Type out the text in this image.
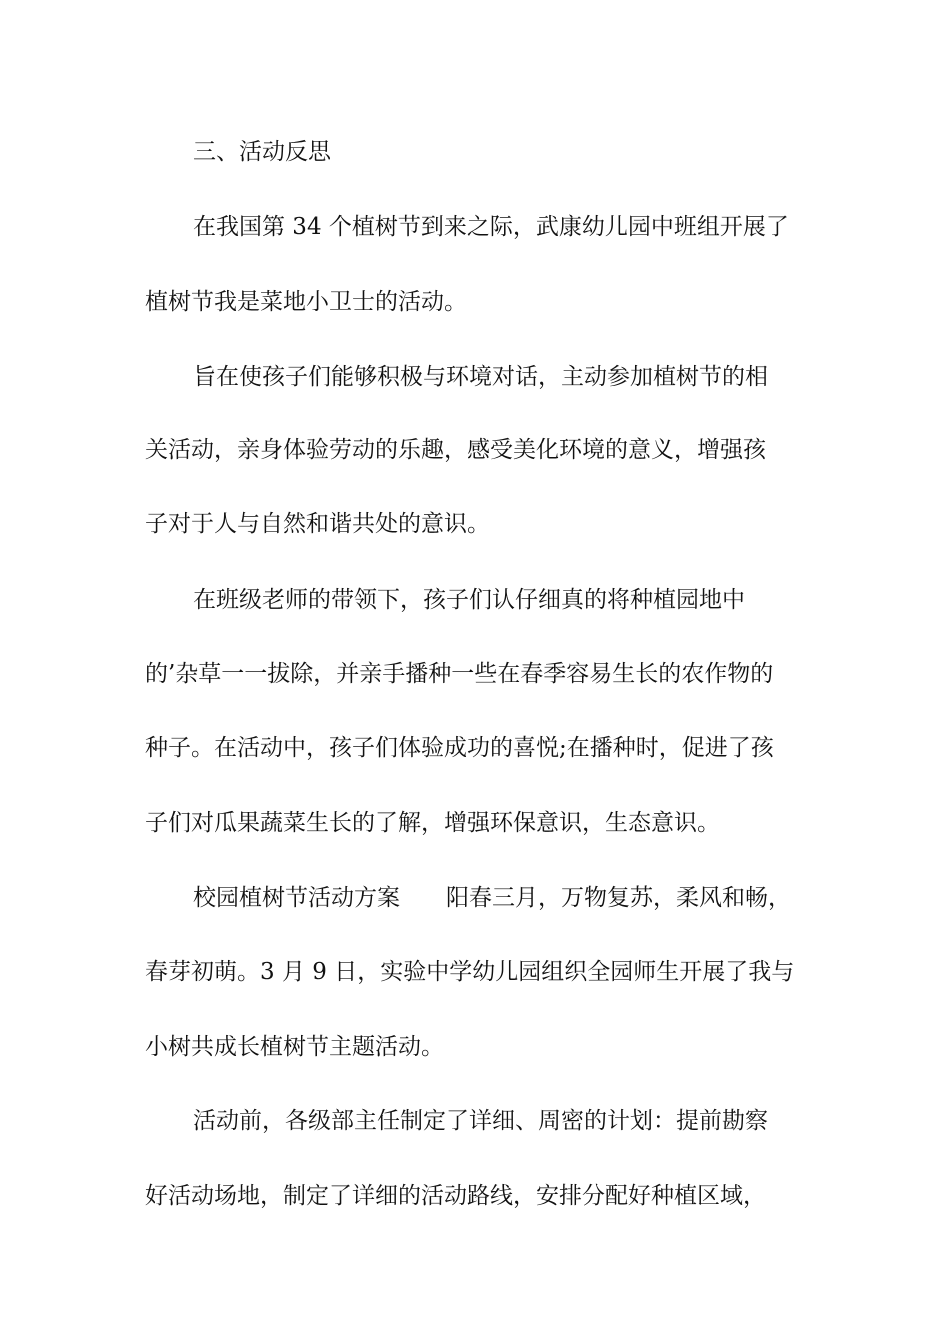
三、活动反思
在我国第 34 个植树节到来之际，武康幼儿园中班组开展了
植树节我是菜地小卫士的活动。
旨在使孩子们能够积极与环境对话，主动参加植树节的相
关活动，亲身体验劳动的乐趣，感受美化环境的意义，增强孩
子对于人与自然和谐共处的意识。
在班级老师的带领下，孩子们认仔细真的将种植园地中
的’杂草一一拔除，并亲手播种一些在春季容易生长的农作物的
种子。在活动中，孩子们体验成功的喜悦;在播种时，促进了孩
子们对瓜果蔬菜生长的了解，增强环保意识，生态意识。
校园植树节活动方案　　阳春三月，万物复苏，柔风和畅，
春芽初萌。3 月 9 日，实验中学幼儿园组织全园师生开展了我与
小树共成长植树节主题活动。
活动前，各级部主任制定了详细、周密的计划：提前勘察
好活动场地，制定了详细的活动路线，安排分配好种植区域，
